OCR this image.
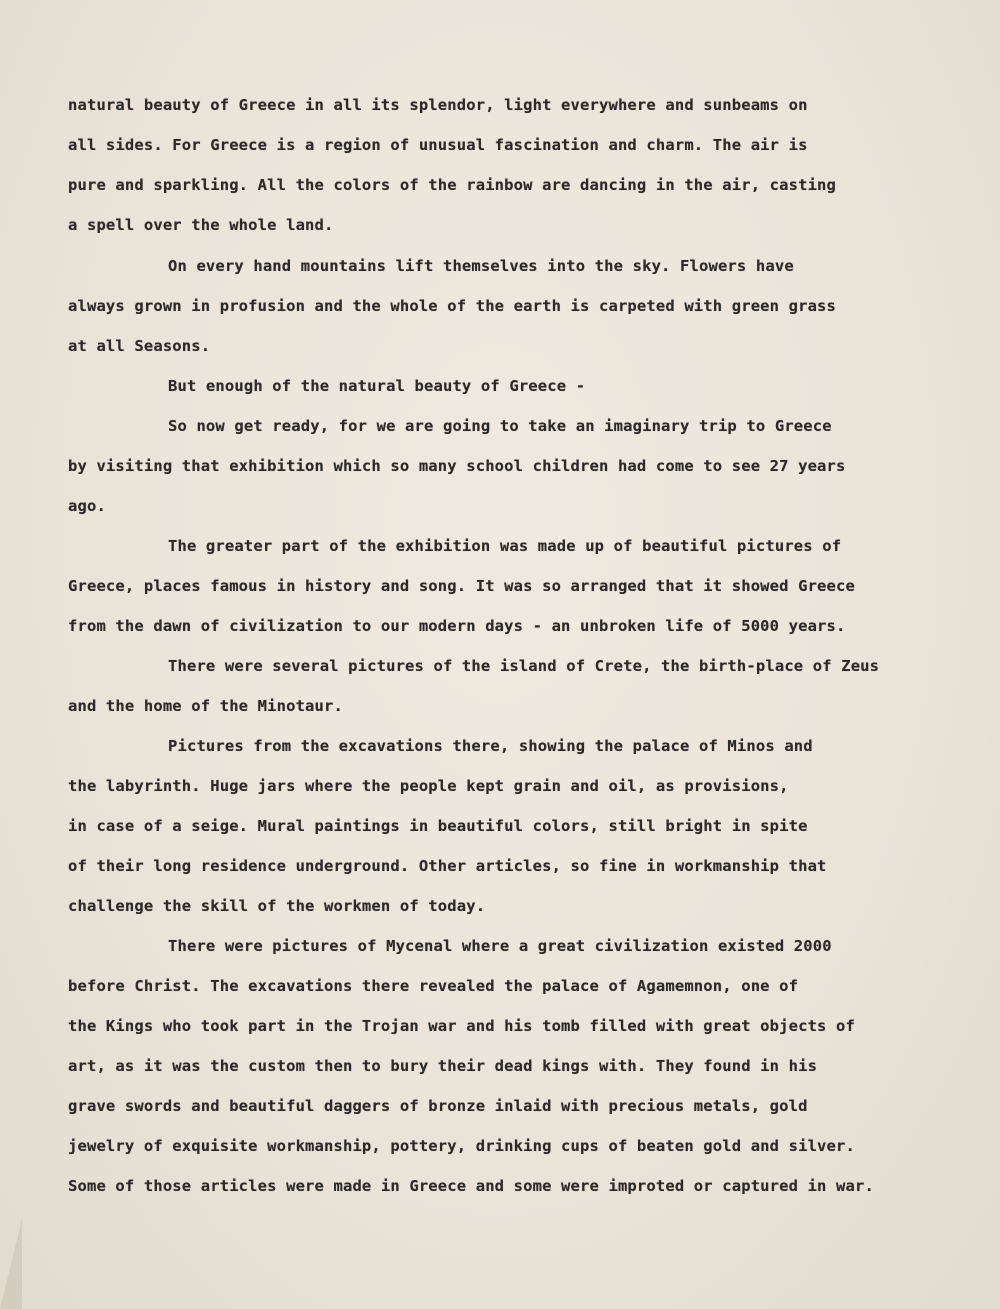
natural beauty of Greece in all its splendor, light everywhere and sunbeams on
all sides. For Greece is a region of unusual fascination and charm. The air is
pure and sparkling. All the colors of the rainbow are dancing in the air, casting
a spell over the whole land.
On every hand mountains lift themselves into the sky. Flowers have
always grown in profusion and the whole of the earth is carpeted with green grass
at all Seasons.
But enough of the natural beauty of Greece -
So now get ready, for we are going to take an imaginary trip to Greece
by visiting that exhibition which so many school children had come to see 27 years
ago.
The greater part of the exhibition was made up of beautiful pictures of
Greece, places famous in history and song. It was so arranged that it showed Greece
from the dawn of civilization to our modern days - an unbroken life of 5000 years.
There were several pictures of the island of Crete, the birth-place of Zeus
and the home of the Minotaur.
Pictures from the excavations there, showing the palace of Minos and
the labyrinth. Huge jars where the people kept grain and oil, as provisions,
in case of a seige. Mural paintings in beautiful colors, still bright in spite
of their long residence underground. Other articles, so fine in workmanship that
challenge the skill of the workmen of today.
There were pictures of Mycenal where a great civilization existed 2000
before Christ. The excavations there revealed the palace of Agamemnon, one of
the Kings who took part in the Trojan war and his tomb filled with great objects of
art, as it was the custom then to bury their dead kings with. They found in his
grave swords and beautiful daggers of bronze inlaid with precious metals, gold
jewelry of exquisite workmanship, pottery, drinking cups of beaten gold and silver.
Some of those articles were made in Greece and some were improted or captured in war.
